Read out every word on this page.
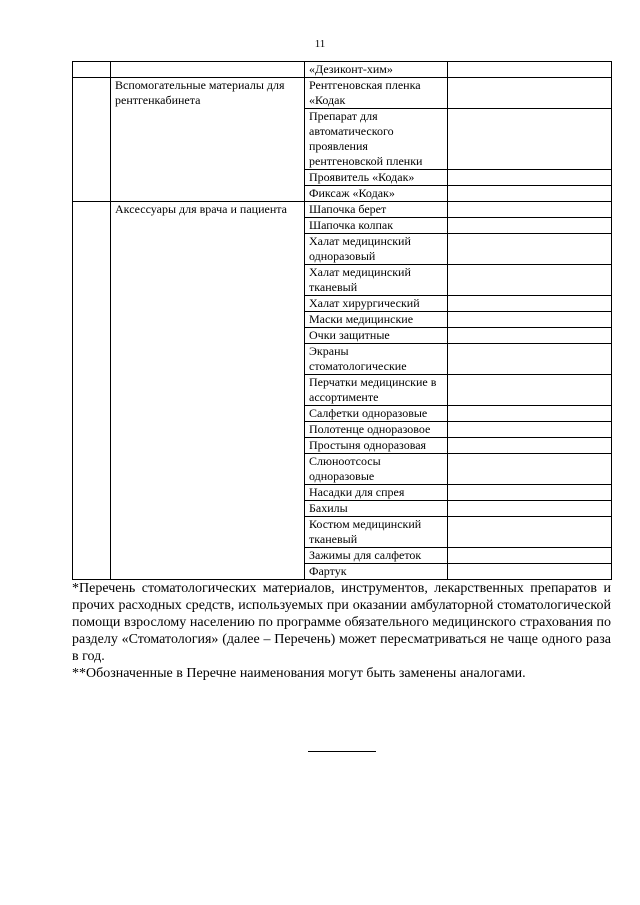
11
		«Дезиконт-хим»	
	Вспомогательные материалы для рентгенкабинета	Рентгеновская пленка «Кодак	
		Препарат для автоматического проявления рентгеновской пленки	
		Проявитель «Кодак»	
		Фиксаж «Кодак»	
	Аксессуары для врача и пациента	Шапочка берет	
		Шапочка колпак	
		Халат медицинский одноразовый	
		Халат медицинский тканевый	
		Халат хирургический	
		Маски медицинские	
		Очки защитные	
		Экраны стоматологические	
		Перчатки медицинские в ассортименте	
		Салфетки одноразовые	
		Полотенце одноразовое	
		Простыня одноразовая	
		Слюноотсосы одноразовые	
		Насадки для спрея	
		Бахилы	
		Костюм медицинский тканевый	
		Зажимы для салфеток	
		Фартук	

*Перечень стоматологических материалов, инструментов, лекарственных препаратов и прочих расходных средств, используемых при оказании амбулаторной стоматологической помощи взрослому населению по программе обязательного медицинского страхования по разделу «Стоматология» (далее – Перечень) может пересматриваться не чаще одного раза в год.

**Обозначенные в Перечне наименования могут быть заменены аналогами.
